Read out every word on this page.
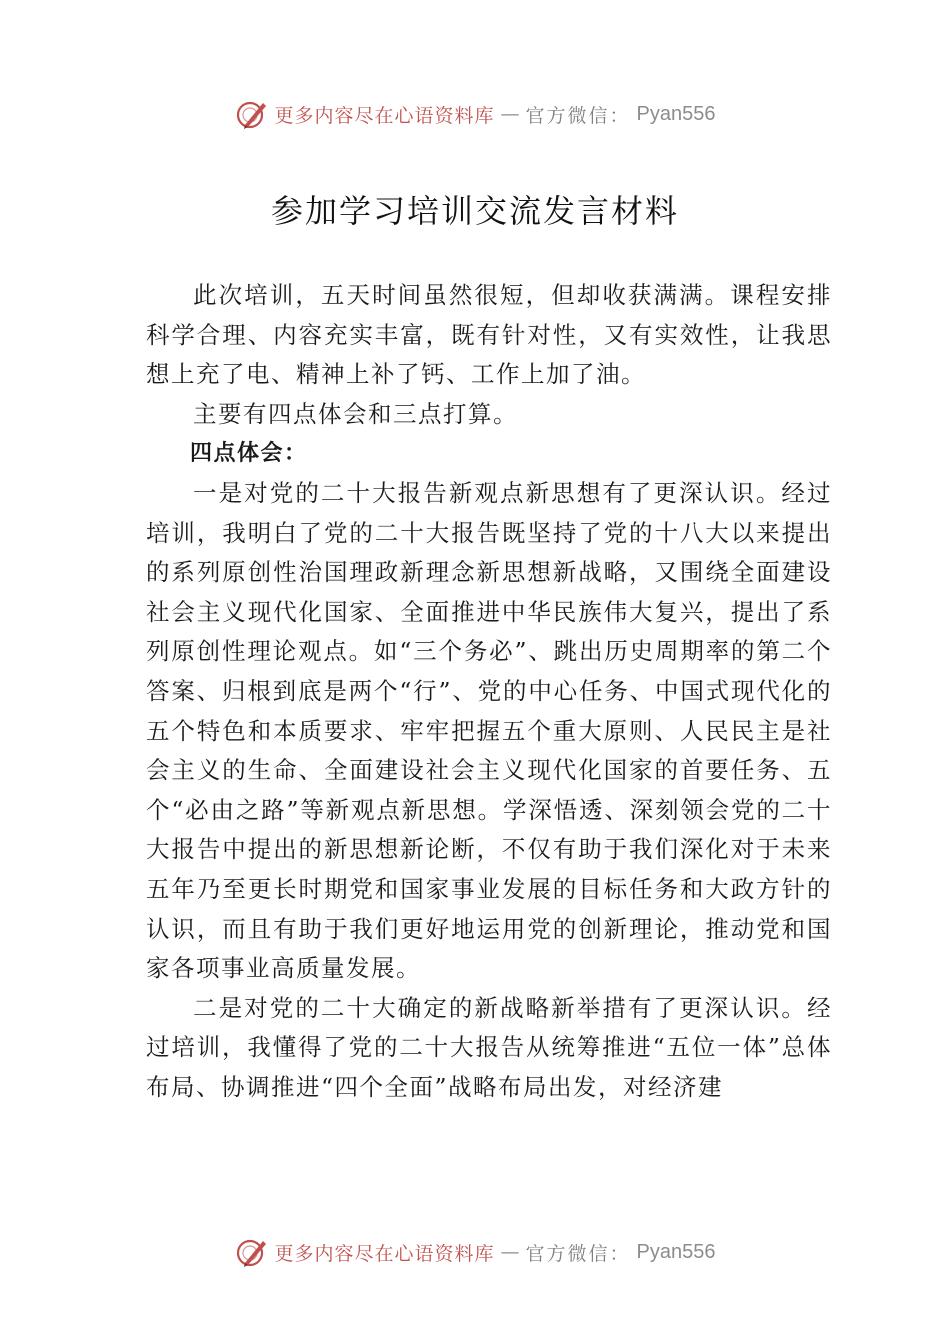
更多内容尽在心语资料库 — 官方微信： Pyan556
参加学习培训交流发言材料

此次培训，五天时间虽然很短，但却收获满满。课程安排科学合理、内容充实丰富，既有针对性，又有实效性，让我思想上充了电、精神上补了钙、工作上加了油。

主要有四点体会和三点打算。

四点体会：

一是对党的二十大报告新观点新思想有了更深认识。经过培训，我明白了党的二十大报告既坚持了党的十八大以来提出的系列原创性治国理政新理念新思想新战略，又围绕全面建设社会主义现代化国家、全面推进中华民族伟大复兴，提出了系列原创性理论观点。如“三个务必”、跳出历史周期率的第二个答案、归根到底是两个“行”、党的中心任务、中国式现代化的五个特色和本质要求、牢牢把握五个重大原则、人民民主是社会主义的生命、全面建设社会主义现代化国家的首要任务、五个“必由之路”等新观点新思想。学深悟透、深刻领会党的二十大报告中提出的新思想新论断，不仅有助于我们深化对于未来五年乃至更长时期党和国家事业发展的目标任务和大政方针的认识，而且有助于我们更好地运用党的创新理论，推动党和国家各项事业高质量发展。

二是对党的二十大确定的新战略新举措有了更深认识。经过培训，我懂得了党的二十大报告从统筹推进“五位一体”总体布局、协调推进“四个全面”战略布局出发，对经济建

更多内容尽在心语资料库 — 官方微信： Pyan556
